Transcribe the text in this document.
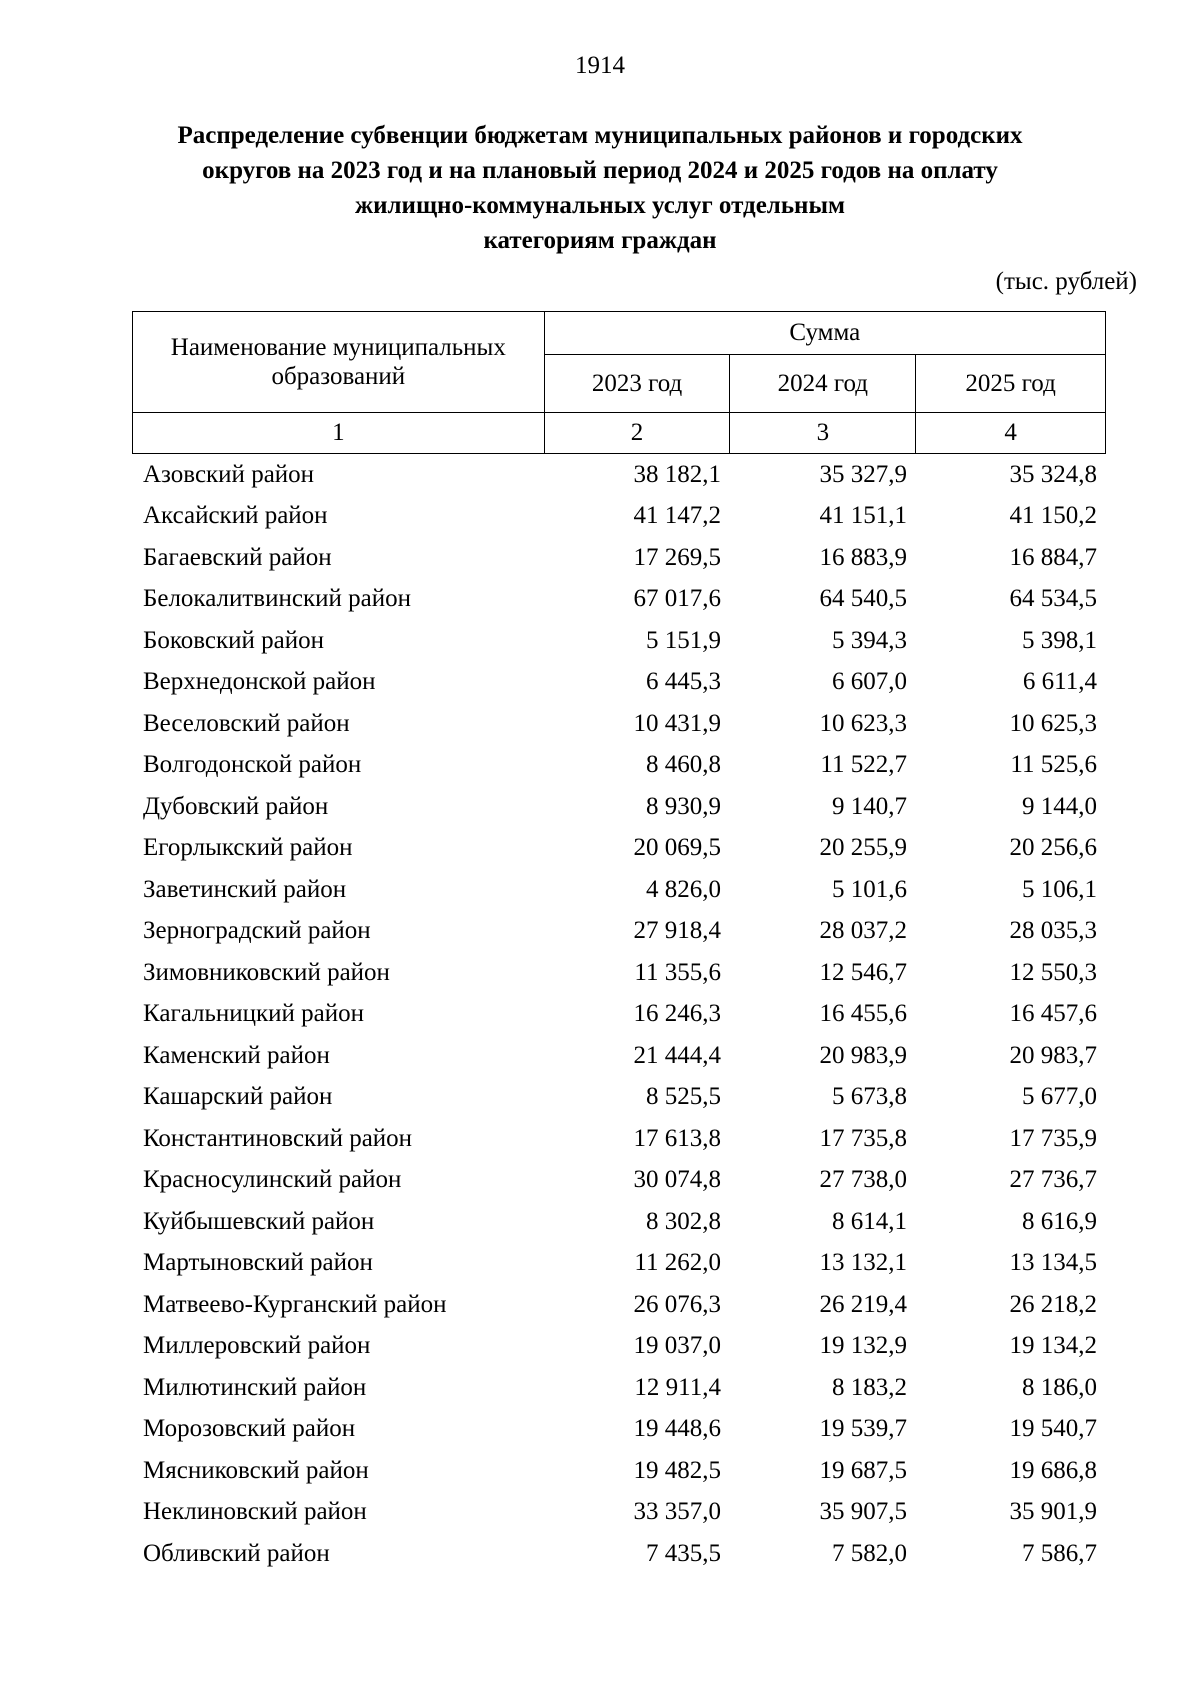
1914
Распределение субвенции бюджетам муниципальных районов и городских
округов на 2023 год и на плановый период 2024 и 2025 годов на оплату
жилищно-коммунальных услуг отдельным
категориям граждан
(тыс. рублей)
Наименование муниципальных образований	Сумма		
	2023 год	2024 год	2025 год
1	2	3	4
Азовский район	38 182,1	35 327,9	35 324,8
Аксайский район	41 147,2	41 151,1	41 150,2
Багаевский район	17 269,5	16 883,9	16 884,7
Белокалитвинский район	67 017,6	64 540,5	64 534,5
Боковский район	5 151,9	5 394,3	5 398,1
Верхнедонской район	6 445,3	6 607,0	6 611,4
Веселовский район	10 431,9	10 623,3	10 625,3
Волгодонской район	8 460,8	11 522,7	11 525,6
Дубовский район	8 930,9	9 140,7	9 144,0
Егорлыкский район	20 069,5	20 255,9	20 256,6
Заветинский район	4 826,0	5 101,6	5 106,1
Зерноградский район	27 918,4	28 037,2	28 035,3
Зимовниковский район	11 355,6	12 546,7	12 550,3
Кагальницкий район	16 246,3	16 455,6	16 457,6
Каменский район	21 444,4	20 983,9	20 983,7
Кашарский район	8 525,5	5 673,8	5 677,0
Константиновский район	17 613,8	17 735,8	17 735,9
Красносулинский район	30 074,8	27 738,0	27 736,7
Куйбышевский район	8 302,8	8 614,1	8 616,9
Мартыновский район	11 262,0	13 132,1	13 134,5
Матвеево-Курганский район	26 076,3	26 219,4	26 218,2
Миллеровский район	19 037,0	19 132,9	19 134,2
Милютинский район	12 911,4	8 183,2	8 186,0
Морозовский район	19 448,6	19 539,7	19 540,7
Мясниковский район	19 482,5	19 687,5	19 686,8
Неклиновский район	33 357,0	35 907,5	35 901,9
Обливский район	7 435,5	7 582,0	7 586,7
